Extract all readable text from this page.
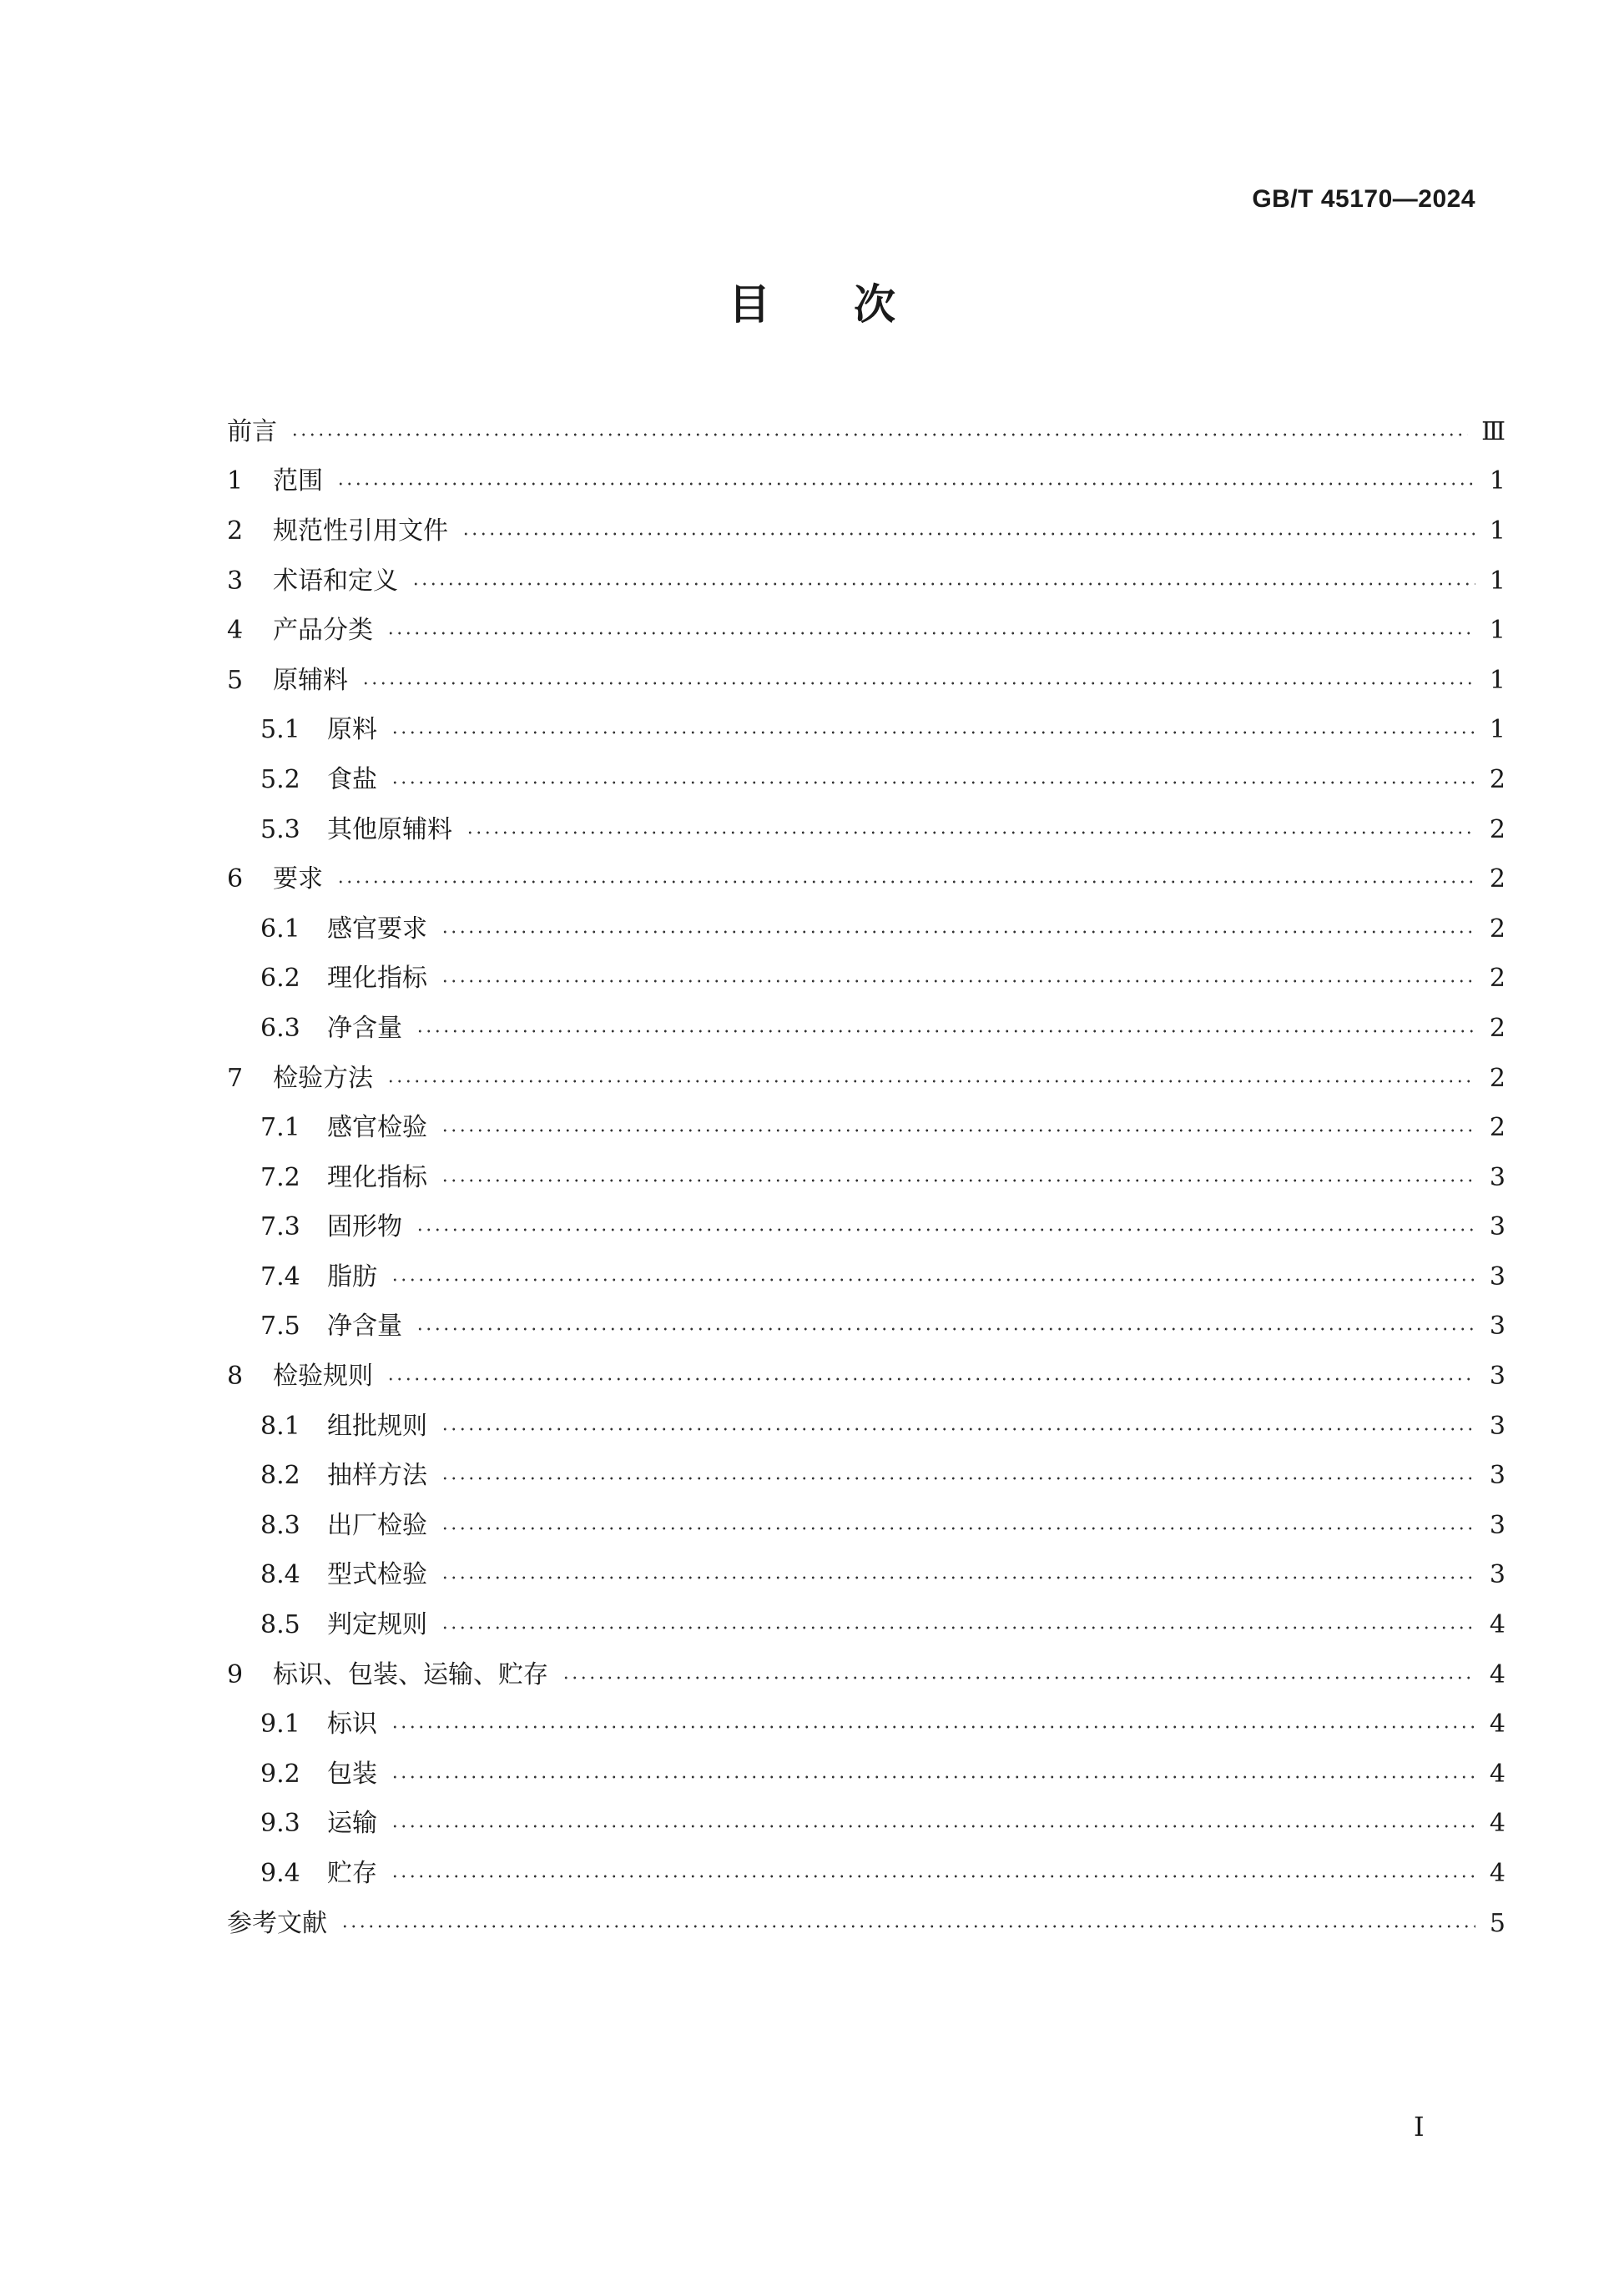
GB/T 45170—2024
目次
前言	Ⅲ
1	范围	1
2	规范性引用文件	1
3	术语和定义	1
4	产品分类	1
5	原辅料	1
5.1	原料	1
5.2	食盐	2
5.3	其他原辅料	2
6	要求	2
6.1	感官要求	2
6.2	理化指标	2
6.3	净含量	2
7	检验方法	2
7.1	感官检验	2
7.2	理化指标	3
7.3	固形物	3
7.4	脂肪	3
7.5	净含量	3
8	检验规则	3
8.1	组批规则	3
8.2	抽样方法	3
8.3	出厂检验	3
8.4	型式检验	3
8.5	判定规则	4
9	标识、包装、运输、贮存	4
9.1	标识	4
9.2	包装	4
9.3	运输	4
9.4	贮存	4
参考文献	5
Ⅰ
